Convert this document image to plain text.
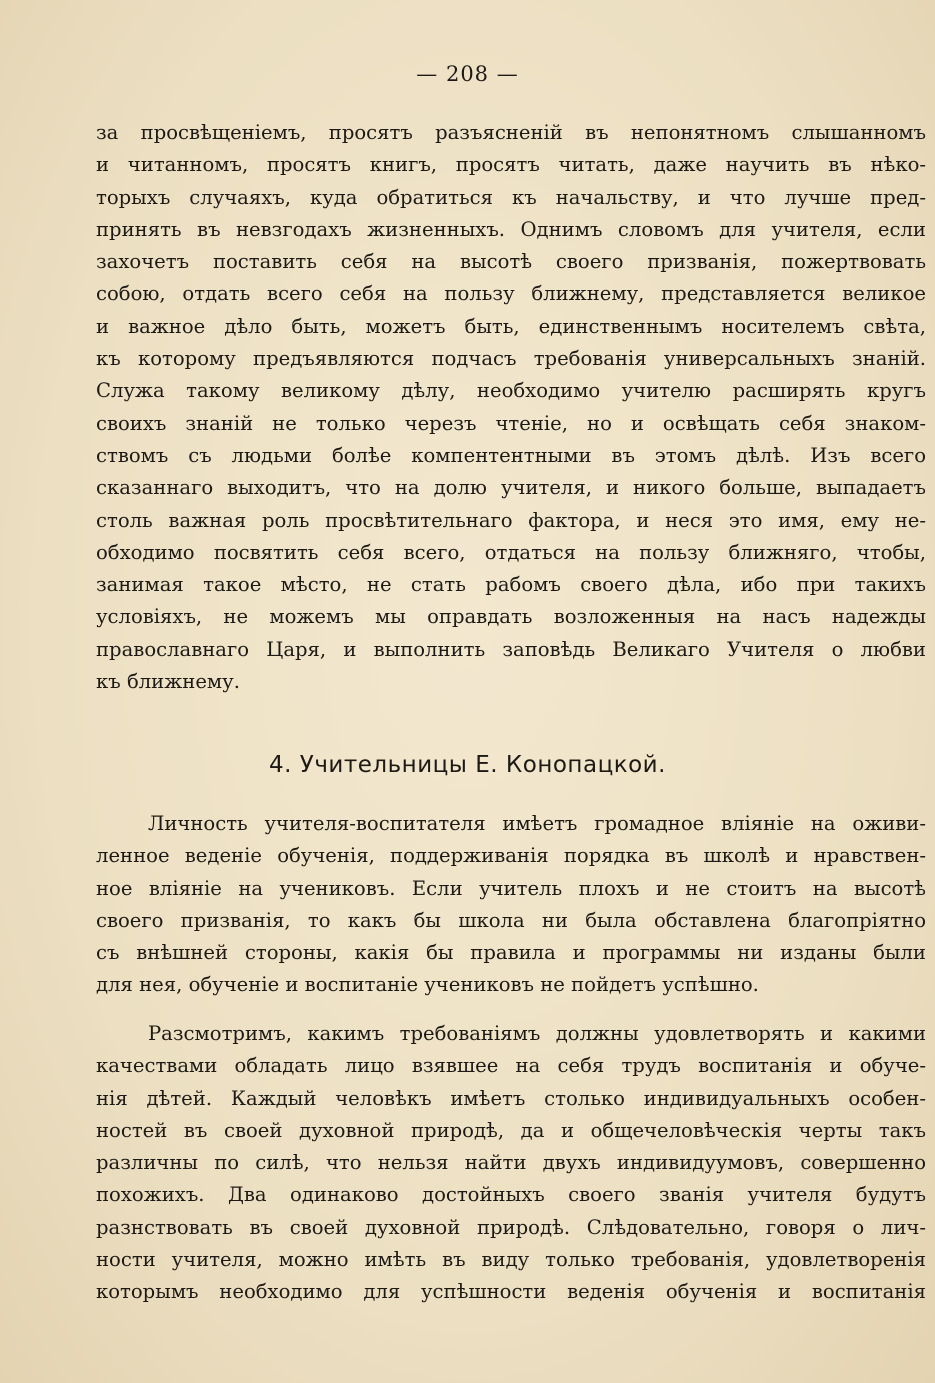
— 208 —
за просвѣщеніемъ, просятъ разъясненій въ непонятномъ слышанномъ
и читанномъ, просятъ книгъ, просятъ читать, даже научить въ нѣко-
торыхъ случаяхъ, куда обратиться къ начальству, и что лучше пред-
принять въ невзгодахъ жизненныхъ. Однимъ словомъ для учителя, если
захочетъ поставить себя на высотѣ своего призванія, пожертвовать
собою, отдать всего себя на пользу ближнему, представляется великое
и важное дѣло быть, можетъ быть, единственнымъ носителемъ свѣта,
къ которому предъявляются подчасъ требованія универсальныхъ знаній.
Служа такому великому дѣлу, необходимо учителю расширять кругъ
своихъ знаній не только черезъ чтеніе, но и освѣщать себя знаком-
ствомъ съ людьми болѣе компентентными въ этомъ дѣлѣ. Изъ всего
сказаннаго выходитъ, что на долю учителя, и никого больше, выпадаетъ
столь важная роль просвѣтительнаго фактора, и неся это имя, ему не-
обходимо посвятить себя всего, отдаться на пользу ближняго, чтобы,
занимая такое мѣсто, не стать рабомъ своего дѣла, ибо при такихъ
условіяхъ, не можемъ мы оправдать возложенныя на насъ надежды
православнаго Царя, и выполнить заповѣдь Великаго Учителя о любви
къ ближнему.
4. Учительницы Е. Конопацкой.
Личность учителя-воспитателя имѣетъ громадное вліяніе на оживи-
ленное веденіе обученія, поддерживанія порядка въ школѣ и нравствен-
ное вліяніе на учениковъ. Если учитель плохъ и не стоитъ на высотѣ
своего призванія, то какъ бы школа ни была обставлена благопріятно
съ внѣшней стороны, какія бы правила и программы ни изданы были
для нея, обученіе и воспитаніе учениковъ не пойдетъ успѣшно.
Разсмотримъ, какимъ требованіямъ должны удовлетворять и какими
качествами обладать лицо взявшее на себя трудъ воспитанія и обуче-
нія дѣтей. Каждый человѣкъ имѣетъ столько индивидуальныхъ особен-
ностей въ своей духовной природѣ, да и общечеловѣческія черты такъ
различны по силѣ, что нельзя найти двухъ индивидуумовъ, совершенно
похожихъ. Два одинаково достойныхъ своего званія учителя будутъ
разнствовать въ своей духовной природѣ. Слѣдовательно, говоря о лич-
ности учителя, можно имѣть въ виду только требованія, удовлетворенія
которымъ необходимо для успѣшности веденія обученія и воспитанія
